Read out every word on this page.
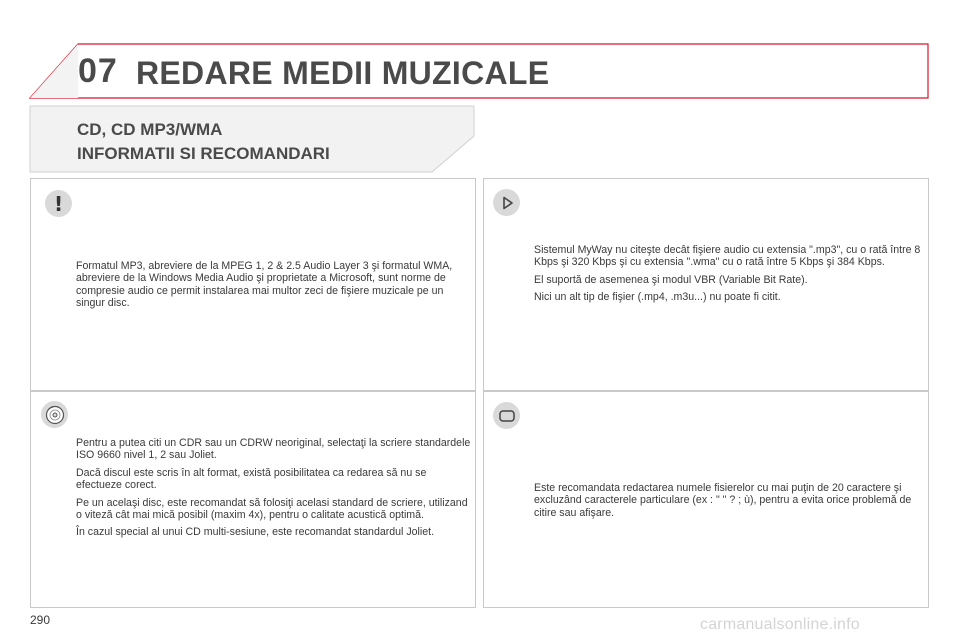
07 REDARE MEDII MUZICALE
CD, CD MP3/WMA
INFORMATII SI RECOMANDARI
!

Formatul MP3, abreviere de la MPEG 1, 2 & 2.5 Audio Layer 3 şi formatul WMA, abreviere de la Windows Media Audio şi proprietate a Microsoft, sunt norme de compresie audio ce permit instalarea mai multor zeci de fişiere muzicale pe un singur disc.

Pentru a putea citi un CDR sau un CDRW neoriginal, selectaţi la scriere standardele ISO 9660 nivel 1, 2 sau Joliet.

Dacă discul este scris în alt format, există posibilitatea ca redarea să nu se efectueze corect.

Pe un acelaşi disc, este recomandat să folosiţi acelasi standard de scriere, utilizand o viteză cât mai mică posibil (maxim 4x), pentru o calitate acustică optimă.

În cazul special al unui CD multi-sesiune, este recomandat standardul Joliet.

Sistemul MyWay nu citeşte decât fişiere audio cu extensia ".mp3", cu o rată între 8 Kbps şi 320 Kbps şi cu extensia ".wma" cu o rată între 5 Kbps şi 384 Kbps.

El suportă de asemenea şi modul VBR (Variable Bit Rate).

Nici un alt tip de fişier (.mp4, .m3u...) nu poate fi citit.

Este recomandata redactarea numele fisierelor cu mai puţin de 20 caractere şi excluzând caracterele particulare (ex : " " ? ; ù), pentru a evita orice problemă de citire sau afişare.

290	carmanualsonline.info
